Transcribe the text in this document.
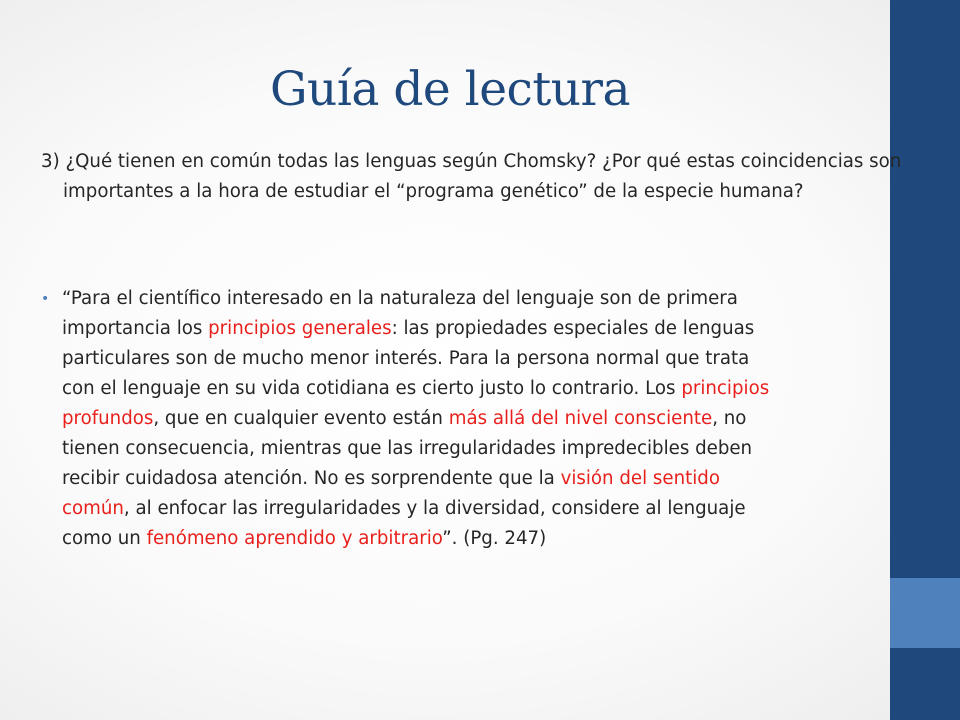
Guía de lectura
3) ¿Qué tienen en común todas las lenguas según Chomsky? ¿Por qué estas coincidencias son importantes a la hora de estudiar el “programa genético” de la especie humana?
• “Para el científico interesado en la naturaleza del lenguaje son de primera
importancia los principios generales: las propiedades especiales de lenguas
particulares son de mucho menor interés. Para la persona normal que trata
con el lenguaje en su vida cotidiana es cierto justo lo contrario. Los principios
profundos, que en cualquier evento están más allá del nivel consciente, no
tienen consecuencia, mientras que las irregularidades impredecibles deben
recibir cuidadosa atención. No es sorprendente que la visión del sentido
común, al enfocar las irregularidades y la diversidad, considere al lenguaje
como un fenómeno aprendido y arbitrario”. (Pg. 247)
